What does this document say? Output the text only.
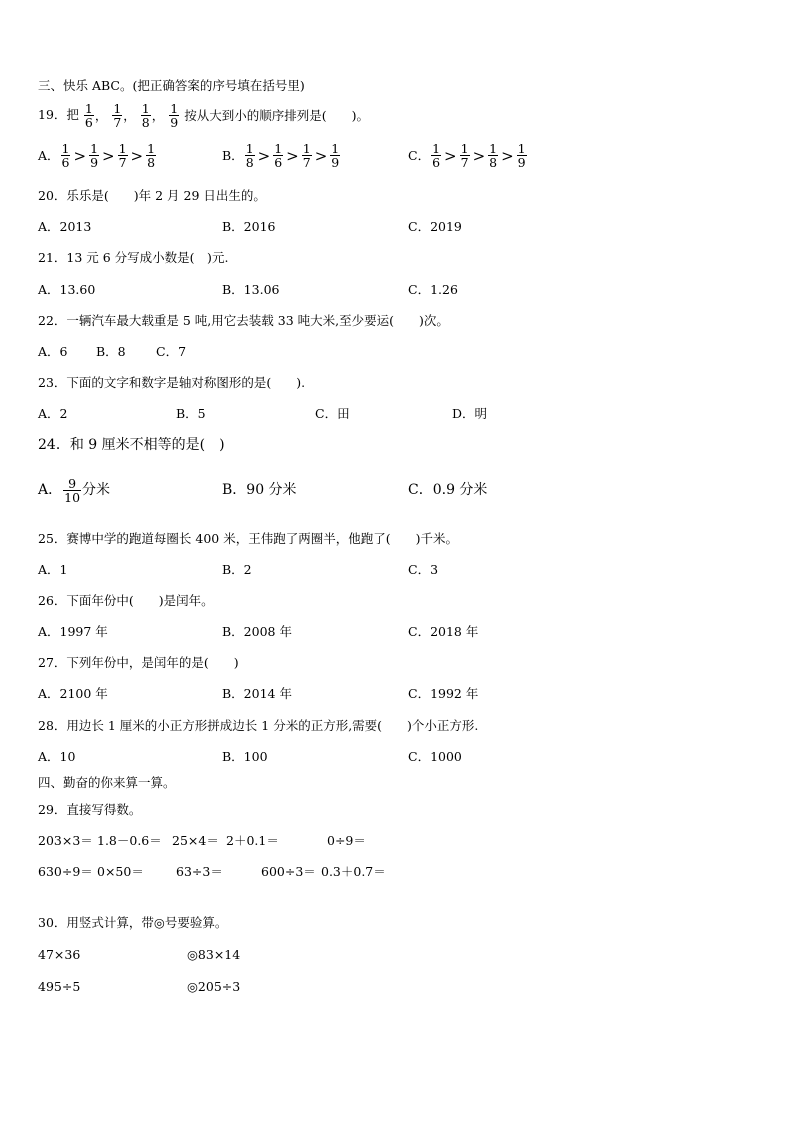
三、快乐 ABC。(把正确答案的序号填在括号里)
19．把 $\frac{1}{6}$ ， $\frac{1}{7}$ ， $\frac{1}{8}$ ， $\frac{1}{9}$ 按从大到小的顺序排列是(　　)。
A． $\frac{1}{6} > \frac{1}{9} > \frac{1}{7} > \frac{1}{8}$	B． $\frac{1}{8} > \frac{1}{6} > \frac{1}{7} > \frac{1}{9}$	C． $\frac{1}{6} > \frac{1}{7} > \frac{1}{8} > \frac{1}{9}$
20．乐乐是(　　)年 2 月 29 日出生的。
A．2013	B．2016	C．2019
21．13 元 6 分写成小数是(　)元.
A．13.60	B．13.06	C．1.26
22．一辆汽车最大载重是 5 吨,用它去装载 33 吨大米,至少要运(　　)次。
A．6 B．8 C．7
23．下面的文字和数字是轴对称图形的是(　　).
A．2	B．5	C．田	D．明
24．和 9 厘米不相等的是(　)
A． $\frac{9}{10}$ 分米	B．90 分米	C．0.9 分米
25．赛博中学的跑道每圈长 400 米，王伟跑了两圈半，他跑了(　　)千米。
A．1	B．2	C．3
26．下面年份中(　　)是闰年。
A．1997 年	B．2008 年	C．2018 年
27．下列年份中，是闰年的是(　　)
A．2100 年	B．2014 年	C．1992 年
28．用边长 1 厘米的小正方形拼成边长 1 分米的正方形,需要(　　)个小正方形.
A．10	B．100	C．1000
四、勤奋的你来算一算。
29．直接写得数。
203×3＝ 1.8－0.6＝ 25×4＝ 2＋0.1＝	0÷9＝
630÷9＝ 0×50＝	63÷3＝	600÷3＝ 0.3＋0.7＝
30．用竖式计算，带◎号要验算。
47×36	◎83×14
495÷5	◎205÷3
